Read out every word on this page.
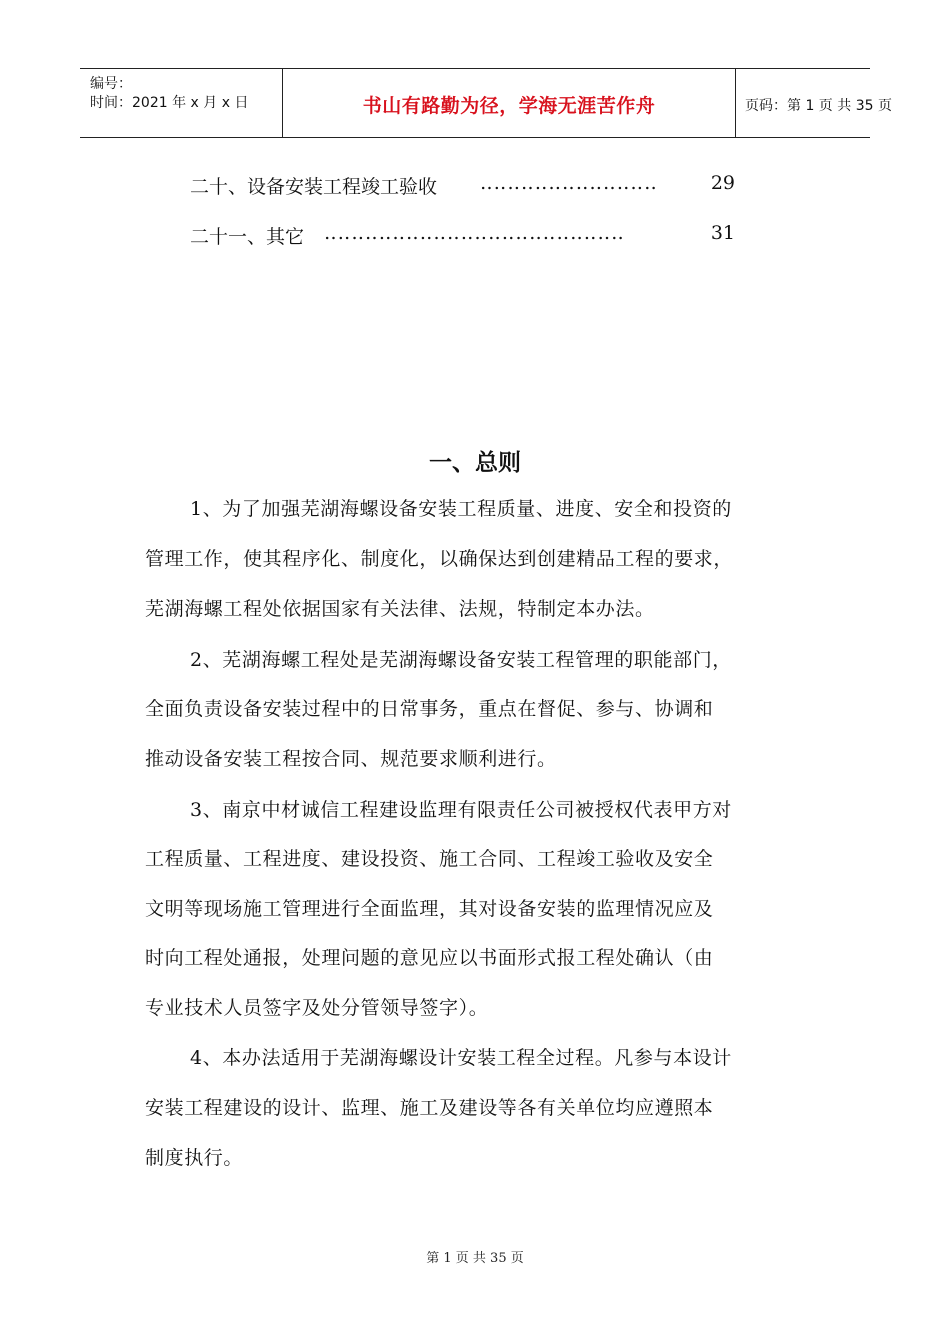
编号：
时间：2021 年 x 月 x 日	书山有路勤为径，学海无涯苦作舟	页码：第 1 页 共 35 页
二十、设备安装工程竣工验收 ‥‥‥‥‥‥‥‥‥‥‥‥‥	29
二十一、其它 ‥‥‥‥‥‥‥‥‥‥‥‥‥‥‥‥‥‥‥‥‥‥	31
一、总则
1、为了加强芜湖海螺设备安装工程质量、进度、安全和投资的
管理工作，使其程序化、制度化，以确保达到创建精品工程的要求，
芜湖海螺工程处依据国家有关法律、法规，特制定本办法。
2、芜湖海螺工程处是芜湖海螺设备安装工程管理的职能部门，
全面负责设备安装过程中的日常事务，重点在督促、参与、协调和
推动设备安装工程按合同、规范要求顺利进行。
3、南京中材诚信工程建设监理有限责任公司被授权代表甲方对
工程质量、工程进度、建设投资、施工合同、工程竣工验收及安全
文明等现场施工管理进行全面监理，其对设备安装的监理情况应及
时向工程处通报，处理问题的意见应以书面形式报工程处确认（由
专业技术人员签字及处分管领导签字）。
4、本办法适用于芜湖海螺设计安装工程全过程。凡参与本设计
安装工程建设的设计、监理、施工及建设等各有关单位均应遵照本
制度执行。
第 1 页 共 35 页
